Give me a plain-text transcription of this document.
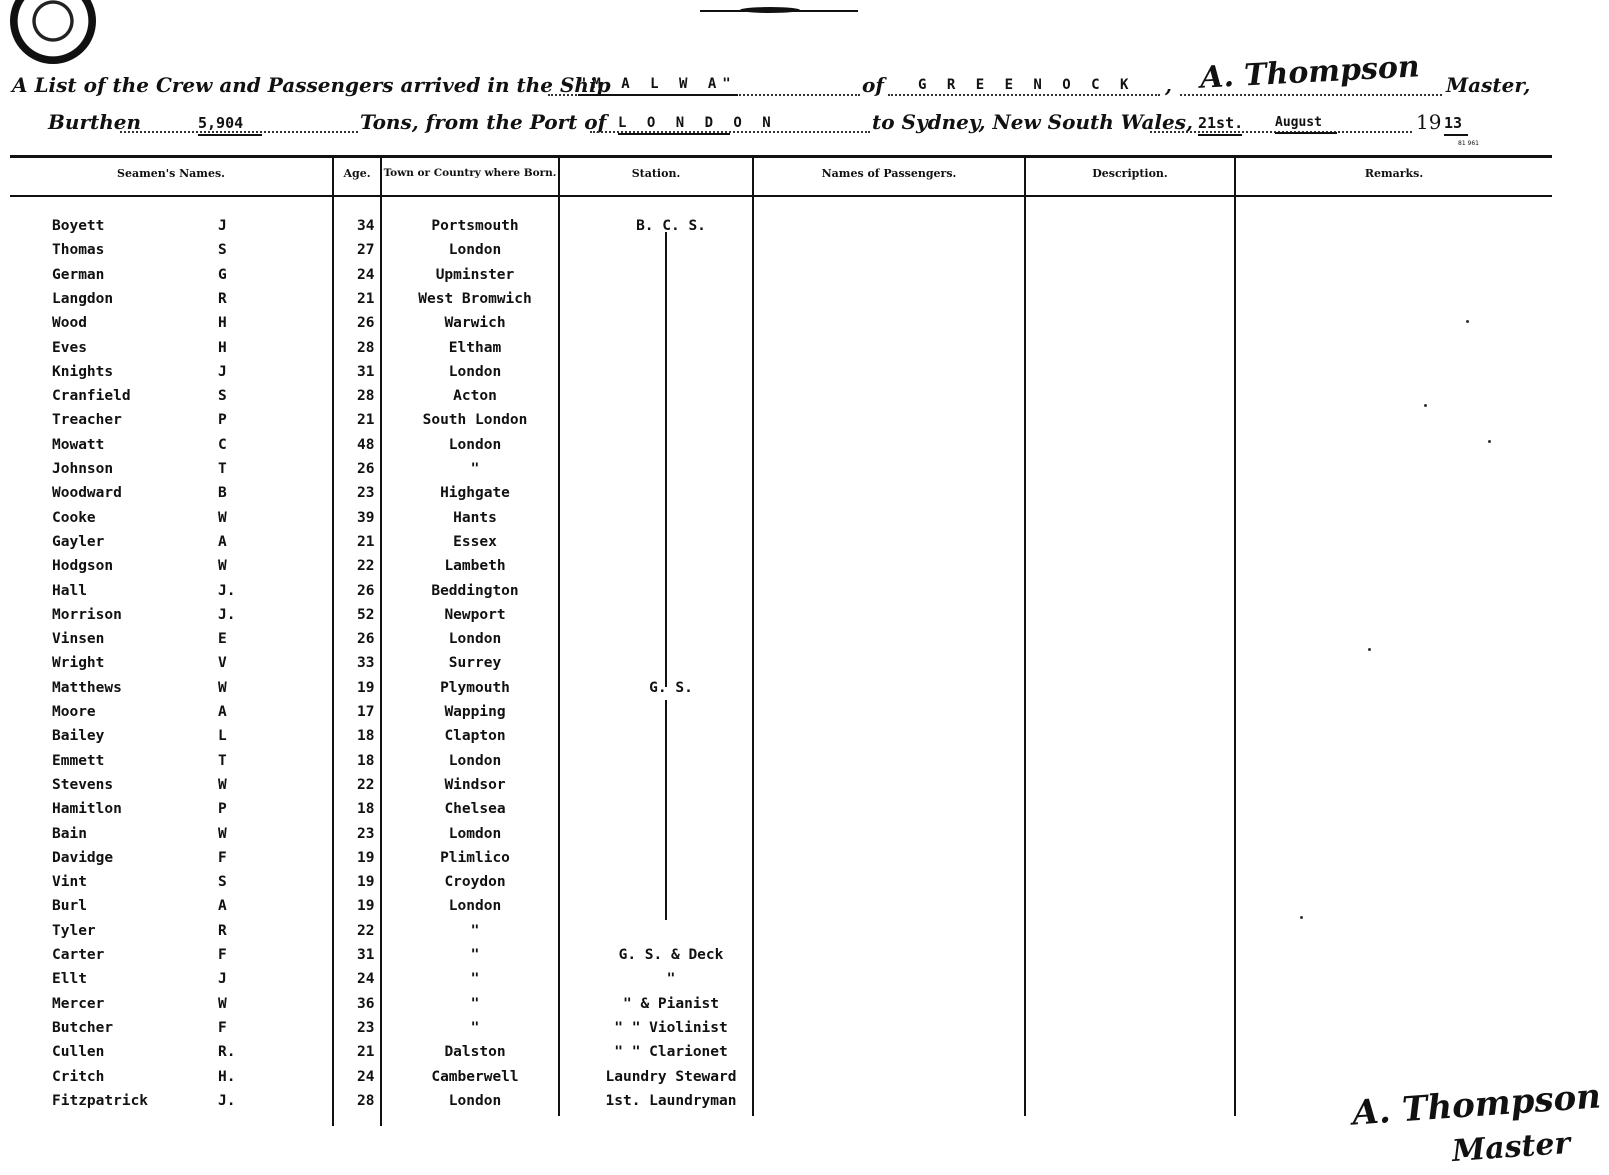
A List of the Crew and Passengers arrived in the Ship
"M A L W A"	of G R E E N O C K , A. Thompson Master,
Burthen	5,904	Tons, from the Port of L O N D O N	to Sydney, New South Wales, 21st. August	19 13
81 961
Seamen's Names.	Age.	Town or Country where Born.	Station.	Names of Passengers.	Description.	Remarks.
Boyett	J	34	Portsmouth	B. C. S.
Thomas	S	27	London
German	G	24	Upminster
Langdon	R	21	West Bromwich
Wood	H	26	Warwich
Eves	H	28	Eltham
Knights	J	31	London
Cranfield	S	28	Acton
Treacher	P	21	South London
Mowatt	C	48	London
Johnson	T	26	"
Woodward	B	23	Highgate
Cooke	W	39	Hants
Gayler	A	21	Essex
Hodgson	W	22	Lambeth
Hall	J.	26	Beddington
Morrison	J.	52	Newport
Vinsen	E	26	London
Wright	V	33	Surrey
Matthews	W	19	Plymouth	G. S.
Moore	A	17	Wapping
Bailey	L	18	Clapton
Emmett	T	18	London
Stevens	W	22	Windsor
Hamitlon	P	18	Chelsea
Bain	W	23	Lomdon
Davidge	F	19	Plimlico
Vint	S	19	Croydon
Burl	A	19	London
Tyler	R	22	"
Carter	F	31	"	G. S. & Deck
Ellt	J	24	"	"
Mercer	W	36	"	" & Pianist
Butcher	F	23	"	" " Violinist
Cullen	R.	21	Dalston	" " Clarionet
Critch	H.	24	Camberwell	Laundry Steward
Fitzpatrick	J.	28	London	1st. Laundryman	A. Thompson
Master
